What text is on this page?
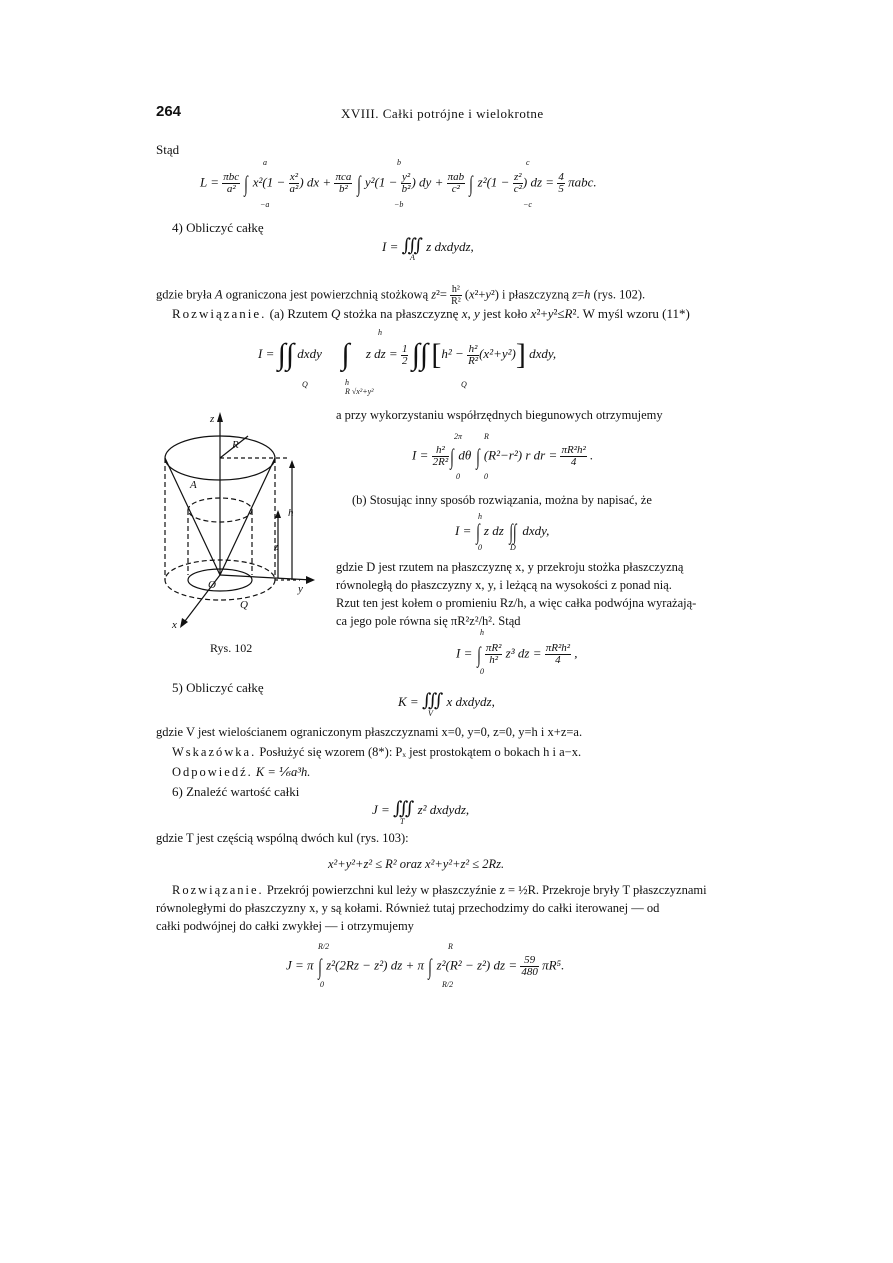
264	XVIII. Całki potrójne i wielokrotne
Stąd
$L = \frac{\text{πbc}}{\text{a²}}$ ∫ $x^2(1 - \frac{\text{x²}}{\text{a²}}$ ) dx + $\frac{\text{πca}}{\text{b²}}$ ∫ $y^2(1 - \frac{\text{y²}}{\text{b²}}$ ) dy + $\frac{\text{πab}}{\text{c²}}$ ∫ $z^2(1 - \frac{\text{z²}}{\text{c²}}$ ) dz = $\frac{4}{5} \pi abc$.
a
−a
b
−b
c
−c
4) Obliczyć całkę
I = ∭ z dxdydz,
A
gdzie bryła A ograniczona jest powierzchnią stożkową $z^2= \frac{\text{h²}}{\text{R²}} (x^2+y^2)$ i płaszczyzną z=h (rys. 102).
Rozwiązanie. (a) Rzutem Q stożka na płaszczyznę x, y jest koło x²+y²≤R². W myśl wzoru (11*)
I = ∫∫ dxdy      ∫     z dz = $\frac{1}{2}$ ∫∫ $[h^2 - \frac{\text{h²}}{\text{R²}} (x^2+y^2)]$ dxdy,
h
Q	Q
h
R √x²+y²
z
R
A
h
z
y
x
O
Q
Rys. 102
a przy wykorzystaniu współrzędnych biegunowych otrzymujemy
$I = \frac{\text{h²}}{\text{2R²}}$ ∫ dθ ∫ (R²−r²) r dr = $\frac{\text{πR²h²}}{4}$ .
2π
0
R
0
(b) Stosując inny sposób rozwiązania, można by napisać, że
I = ∫ z dz ∫∫ dxdy,
h
0	D
gdzie D jest rzutem na płaszczyznę x, y przekroju stożka płaszczyzną
równoległą do płaszczyzny x, y, i leżącą na wysokości z ponad nią.
Rzut ten jest kołem o promieniu Rz/h, a więc całka podwójna wyrażają-
ca jego pole równa się πR²z²/h². Stąd
I = ∫ $\frac{\text{πR²}}{\text{h²}} z^3$ dz = $\frac{\text{πR²h²}}{4}$ ,
h
0
5) Obliczyć całkę
K = ∭ x dxdydz,
V
gdzie V jest wielościanem ograniczonym płaszczyznami x=0, y=0, z=0, y=h i x+z=a.
Wskazówka. Posłużyć się wzorem (8*): Pₓ jest prostokątem o bokach h i a−x.
Odpowiedź. K = ⅙a³h.
6) Znaleźć wartość całki
J = ∭ z² dxdydz,
T
gdzie T jest częścią wspólną dwóch kul (rys. 103):
x²+y²+z² ≤ R² oraz x²+y²+z² ≤ 2Rz.
Rozwiązanie. Przekrój powierzchni kul leży w płaszczyźnie z = ½R. Przekroje bryły T płaszczyznami
równoległymi do płaszczyzny x, y są kołami. Również tutaj przechodzimy do całki iterowanej — od
całki podwójnej do całki zwykłej — i otrzymujemy
J = π ∫ z²(2Rz − z²) dz + π ∫ z²(R² − z²) dz = $\frac{59}{480} \pi R^5$.
R/2
0
R
R/2
